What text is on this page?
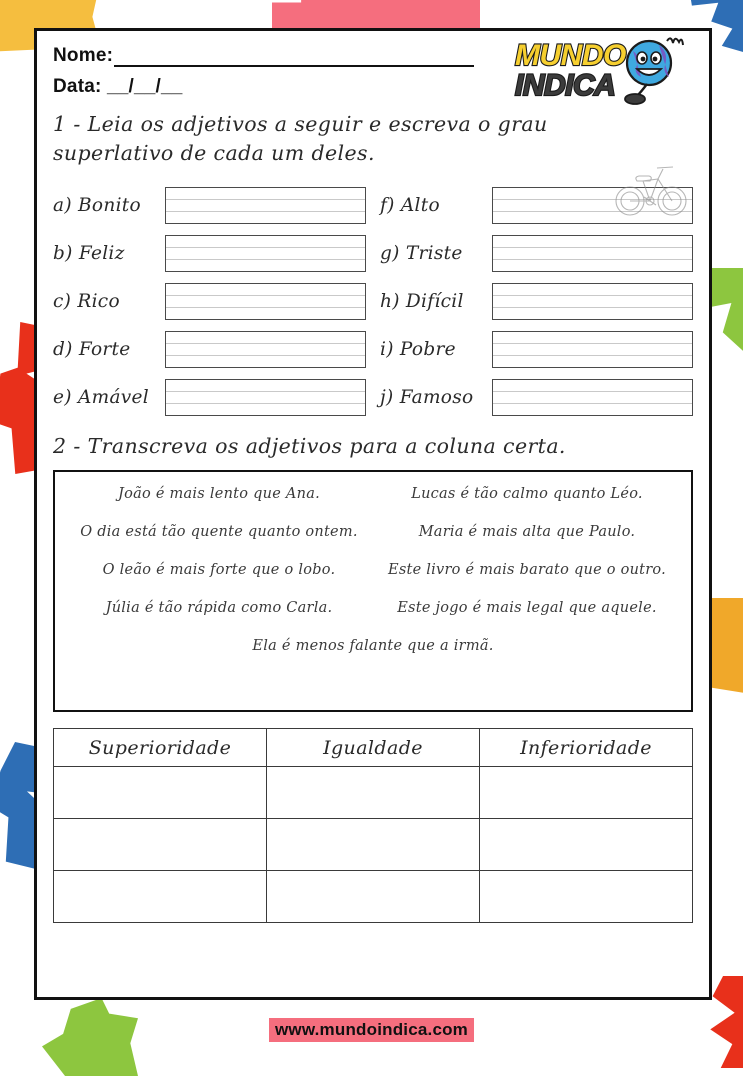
Nome:
Data: __/__/__
MUNDO
INDICA
1 - Leia os adjetivos a seguir e escreva o grau superlativo de cada um deles.
a) Bonito	f) Alto
b) Feliz	g) Triste
c) Rico	h) Difícil
d) Forte	i) Pobre
e) Amável	j) Famoso
2 - Transcreva os adjetivos para a coluna certa.
João é mais lento que Ana.	Lucas é tão calmo quanto Léo.
O dia está tão quente quanto ontem.	Maria é mais alta que Paulo.
O leão é mais forte que o lobo.	Este livro é mais barato que o outro.
Júlia é tão rápida como Carla.	Este jogo é mais legal que aquele.
Ela é menos falante que a irmã.
Superioridade	Igualdade	Inferioridade

www.mundoindica.com
